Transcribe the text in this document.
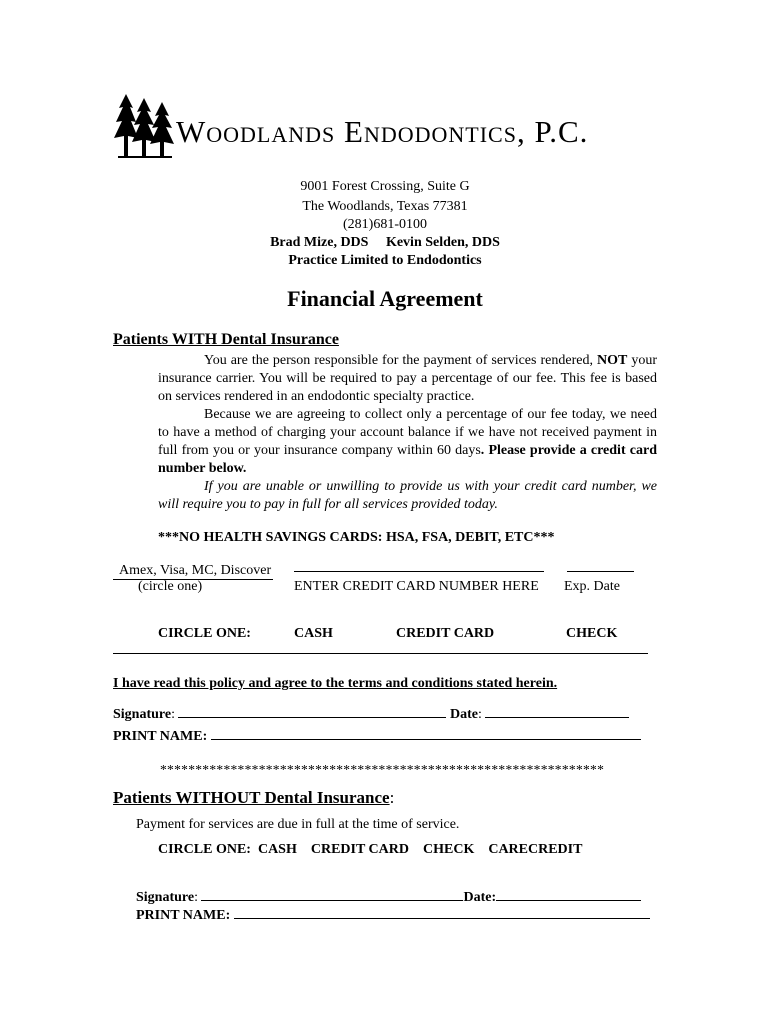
Woodlands Endodontics, P.C.
9001 Forest Crossing, Suite G
The Woodlands, Texas 77381
(281)681-0100
Brad Mize, DDS     Kevin Selden, DDS
Practice Limited to Endodontics
Financial Agreement
Patients WITH Dental Insurance
You are the person responsible for the payment of services rendered, NOT your insurance carrier. You will be required to pay a percentage of our fee. This fee is based on services rendered in an endodontic specialty practice.
Because we are agreeing to collect only a percentage of our fee today, we need to have a method of charging your account balance if we have not received payment in full from you or your insurance company within 60 days. Please provide a credit card number below.
If you are unable or unwilling to provide us with your credit card number, we will require you to pay in full for all services provided today.
***NO HEALTH SAVINGS CARDS: HSA, FSA, DEBIT, ETC***
Amex, Visa, MC, Discover
(circle one)	ENTER CREDIT CARD NUMBER HERE Exp. Date
CIRCLE ONE:	CASH	CREDIT CARD	CHECK
I have read this policy and agree to the terms and conditions stated herein.
Signature:	Date:
PRINT NAME:
***************************************************************
Patients WITHOUT Dental Insurance:
Payment for services are due in full at the time of service.
CIRCLE ONE:  CASH    CREDIT CARD    CHECK    CARECREDIT
Signature:	Date:
PRINT NAME:
